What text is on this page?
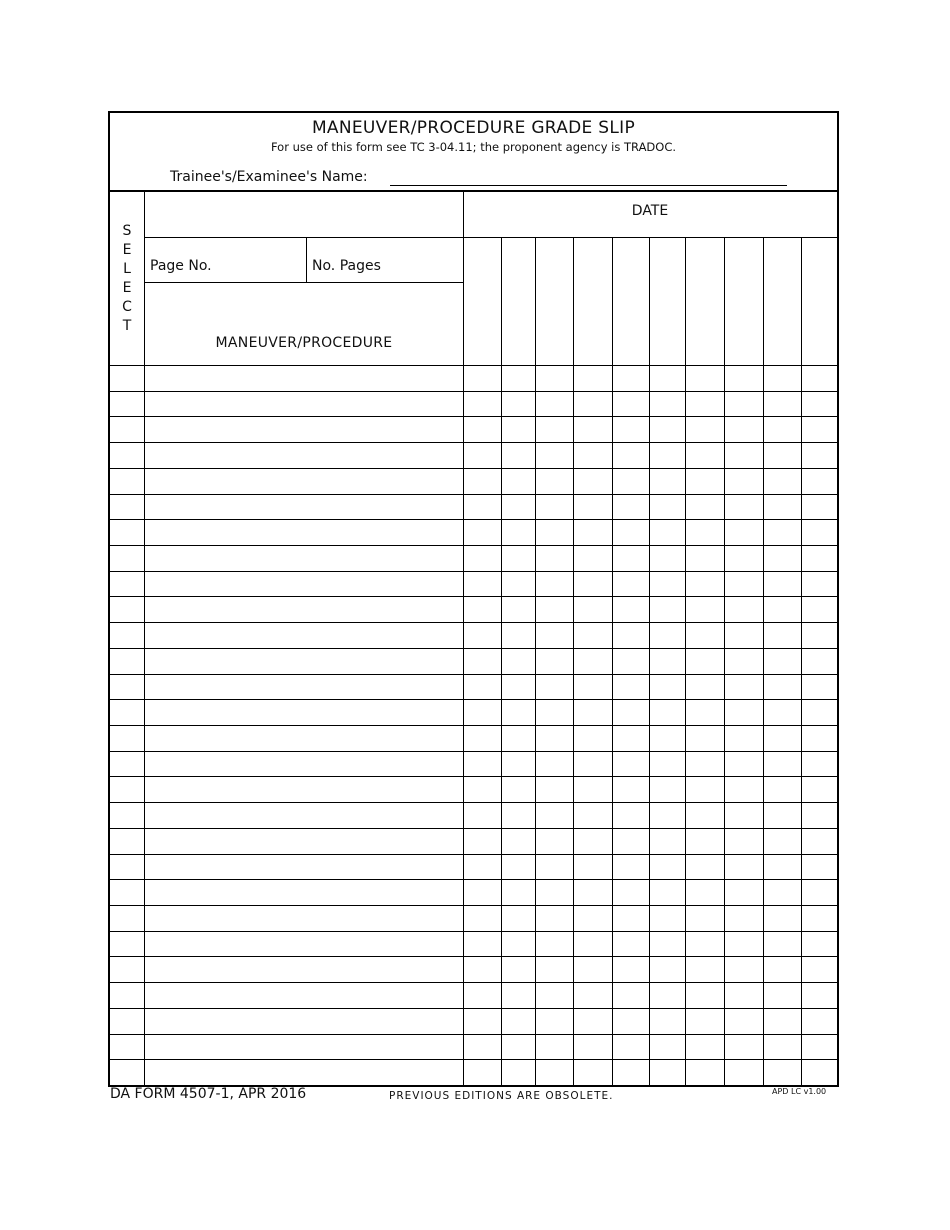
MANEUVER/PROCEDURE GRADE SLIP
For use of this form see TC 3-04.11; the proponent agency is TRADOC.
Trainee's/Examinee's Name:
S
E
L
E
C
T
DATE
Page No.	No. Pages
MANEUVER/PROCEDURE
DA FORM 4507-1, APR 2016	PREVIOUS EDITIONS ARE OBSOLETE.	APD LC v1.00
